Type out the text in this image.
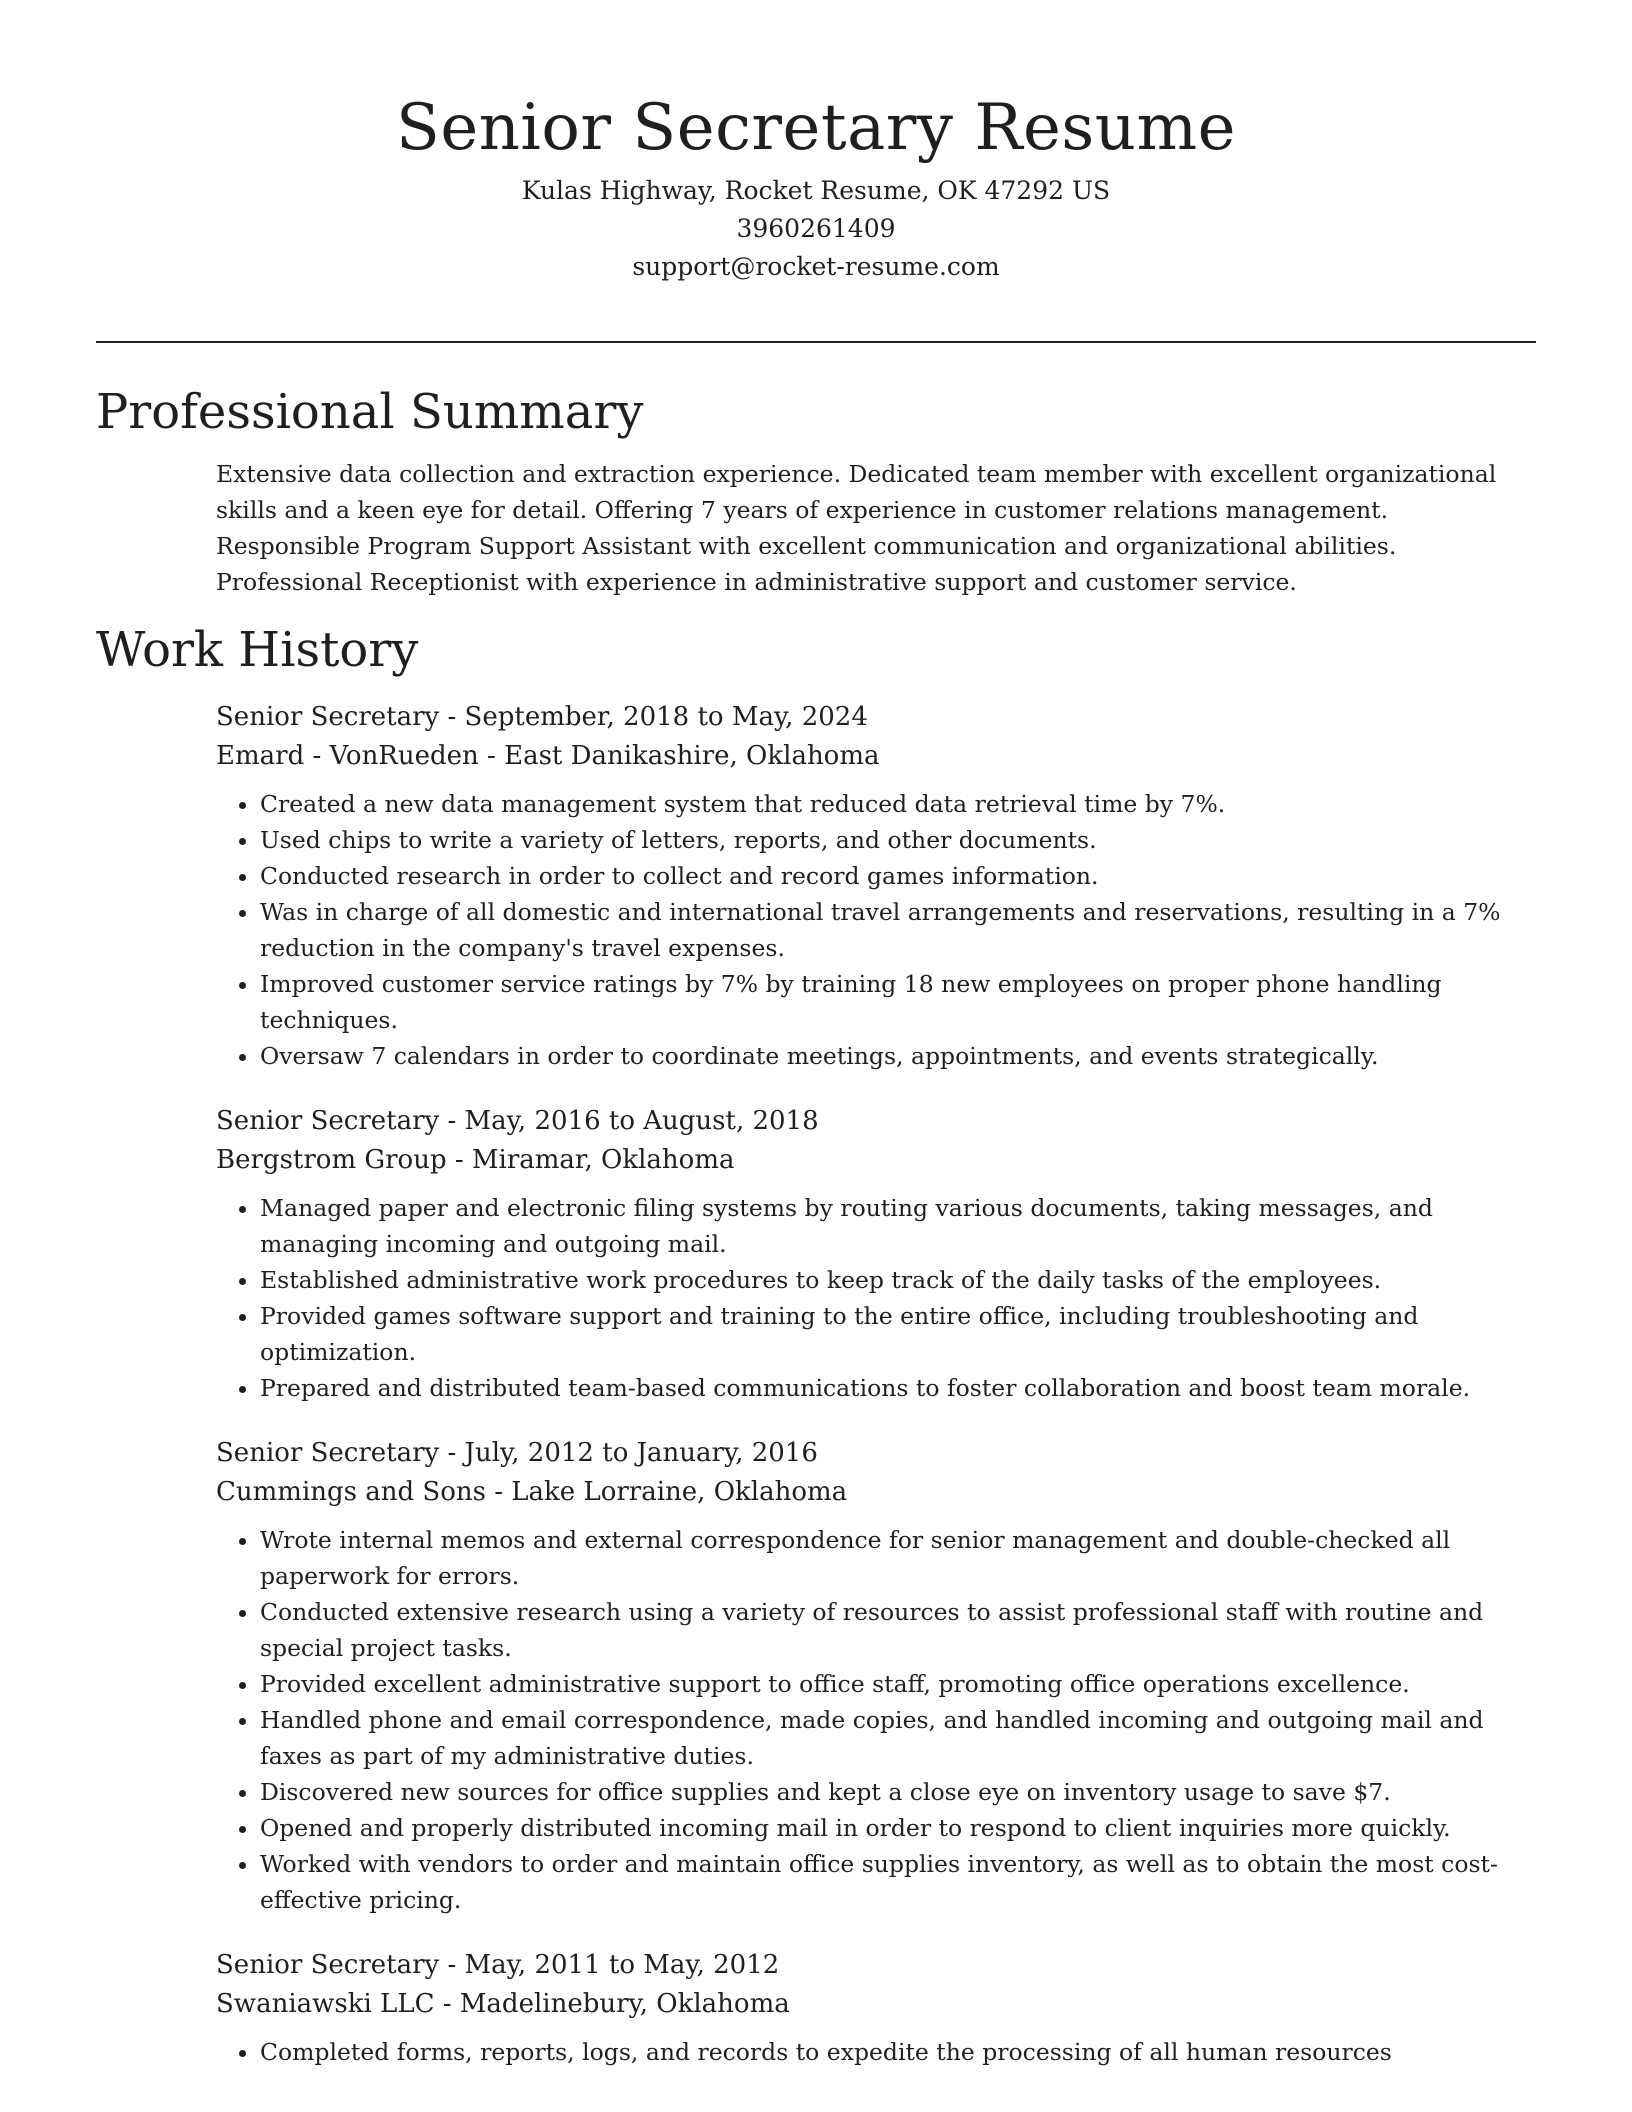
Senior Secretary Resume
Kulas Highway, Rocket Resume, OK 47292 US
3960261409
support@rocket-resume.com
Professional Summary

Extensive data collection and extraction experience. Dedicated team member with excellent organizational skills and a keen eye for detail. Offering 7 years of experience in customer relations management. Responsible Program Support Assistant with excellent communication and organizational abilities. Professional Receptionist with experience in administrative support and customer service.

Work History
Senior Secretary - September, 2018 to May, 2024
Emard - VonRueden - East Danikashire, Oklahoma
• Created a new data management system that reduced data retrieval time by 7%.
• Used chips to write a variety of letters, reports, and other documents.
• Conducted research in order to collect and record games information.
• Was in charge of all domestic and international travel arrangements and reservations, resulting in a 7% reduction in the company's travel expenses.
• Improved customer service ratings by 7% by training 18 new employees on proper phone handling techniques.
• Oversaw 7 calendars in order to coordinate meetings, appointments, and events strategically.
Senior Secretary - May, 2016 to August, 2018
Bergstrom Group - Miramar, Oklahoma
• Managed paper and electronic filing systems by routing various documents, taking messages, and managing incoming and outgoing mail.
• Established administrative work procedures to keep track of the daily tasks of the employees.
• Provided games software support and training to the entire office, including troubleshooting and optimization.
• Prepared and distributed team-based communications to foster collaboration and boost team morale.
Senior Secretary - July, 2012 to January, 2016
Cummings and Sons - Lake Lorraine, Oklahoma
• Wrote internal memos and external correspondence for senior management and double-checked all paperwork for errors.
• Conducted extensive research using a variety of resources to assist professional staff with routine and special project tasks.
• Provided excellent administrative support to office staff, promoting office operations excellence.
• Handled phone and email correspondence, made copies, and handled incoming and outgoing mail and faxes as part of my administrative duties.
• Discovered new sources for office supplies and kept a close eye on inventory usage to save $7.
• Opened and properly distributed incoming mail in order to respond to client inquiries more quickly.
• Worked with vendors to order and maintain office supplies inventory, as well as to obtain the most cost-effective pricing.
Senior Secretary - May, 2011 to May, 2012
Swaniawski LLC - Madelinebury, Oklahoma
• Completed forms, reports, logs, and records to expedite the processing of all human resources
